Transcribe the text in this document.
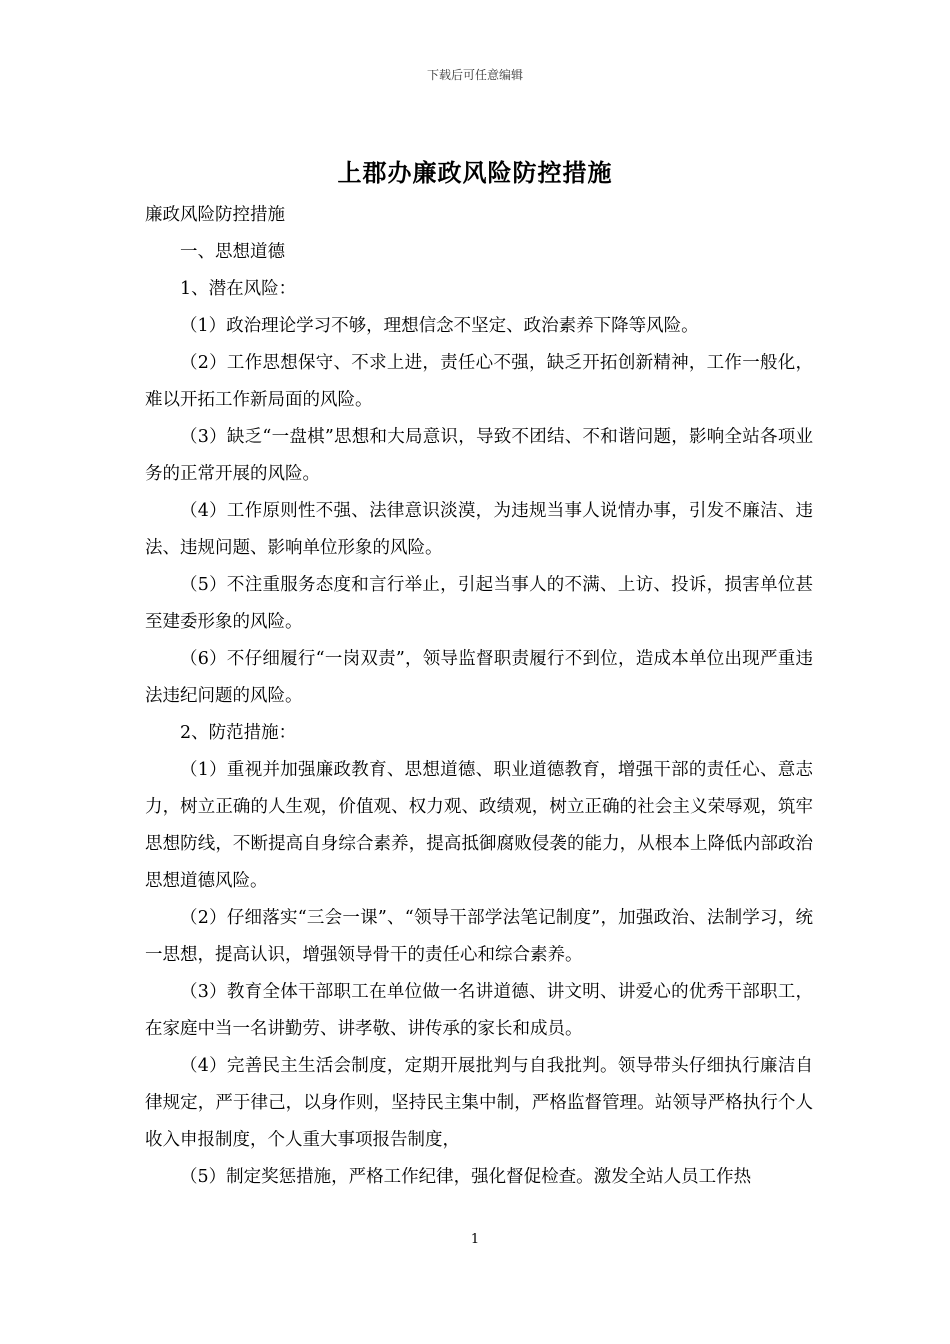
下载后可任意编辑
上郡办廉政风险防控措施

廉政风险防控措施

一、思想道德

1、潜在风险：

（1）政治理论学习不够，理想信念不坚定、政治素养下降等风险。

（2）工作思想保守、不求上进，责任心不强，缺乏开拓创新精神，工作一般化，难以开拓工作新局面的风险。

（3）缺乏“一盘棋”思想和大局意识，导致不团结、不和谐问题，影响全站各项业务的正常开展的风险。

（4）工作原则性不强、法律意识淡漠，为违规当事人说情办事，引发不廉洁、违法、违规问题、影响单位形象的风险。

（5）不注重服务态度和言行举止，引起当事人的不满、上访、投诉，损害单位甚至建委形象的风险。

（6）不仔细履行“一岗双责”，领导监督职责履行不到位，造成本单位出现严重违法违纪问题的风险。

2、防范措施：

（1）重视并加强廉政教育、思想道德、职业道德教育，增强干部的责任心、意志力，树立正确的人生观，价值观、权力观、政绩观，树立正确的社会主义荣辱观，筑牢思想防线，不断提高自身综合素养，提高抵御腐败侵袭的能力，从根本上降低内部政治思想道德风险。

（2）仔细落实“三会一课”、“领导干部学法笔记制度”，加强政治、法制学习，统一思想，提高认识，增强领导骨干的责任心和综合素养。

（3）教育全体干部职工在单位做一名讲道德、讲文明、讲爱心的优秀干部职工，在家庭中当一名讲勤劳、讲孝敬、讲传承的家长和成员。

（4）完善民主生活会制度，定期开展批判与自我批判。领导带头仔细执行廉洁自律规定，严于律己，以身作则，坚持民主集中制，严格监督管理。站领导严格执行个人收入申报制度，个人重大事项报告制度，

（5）制定奖惩措施，严格工作纪律，强化督促检查。激发全站人员工作热

1
